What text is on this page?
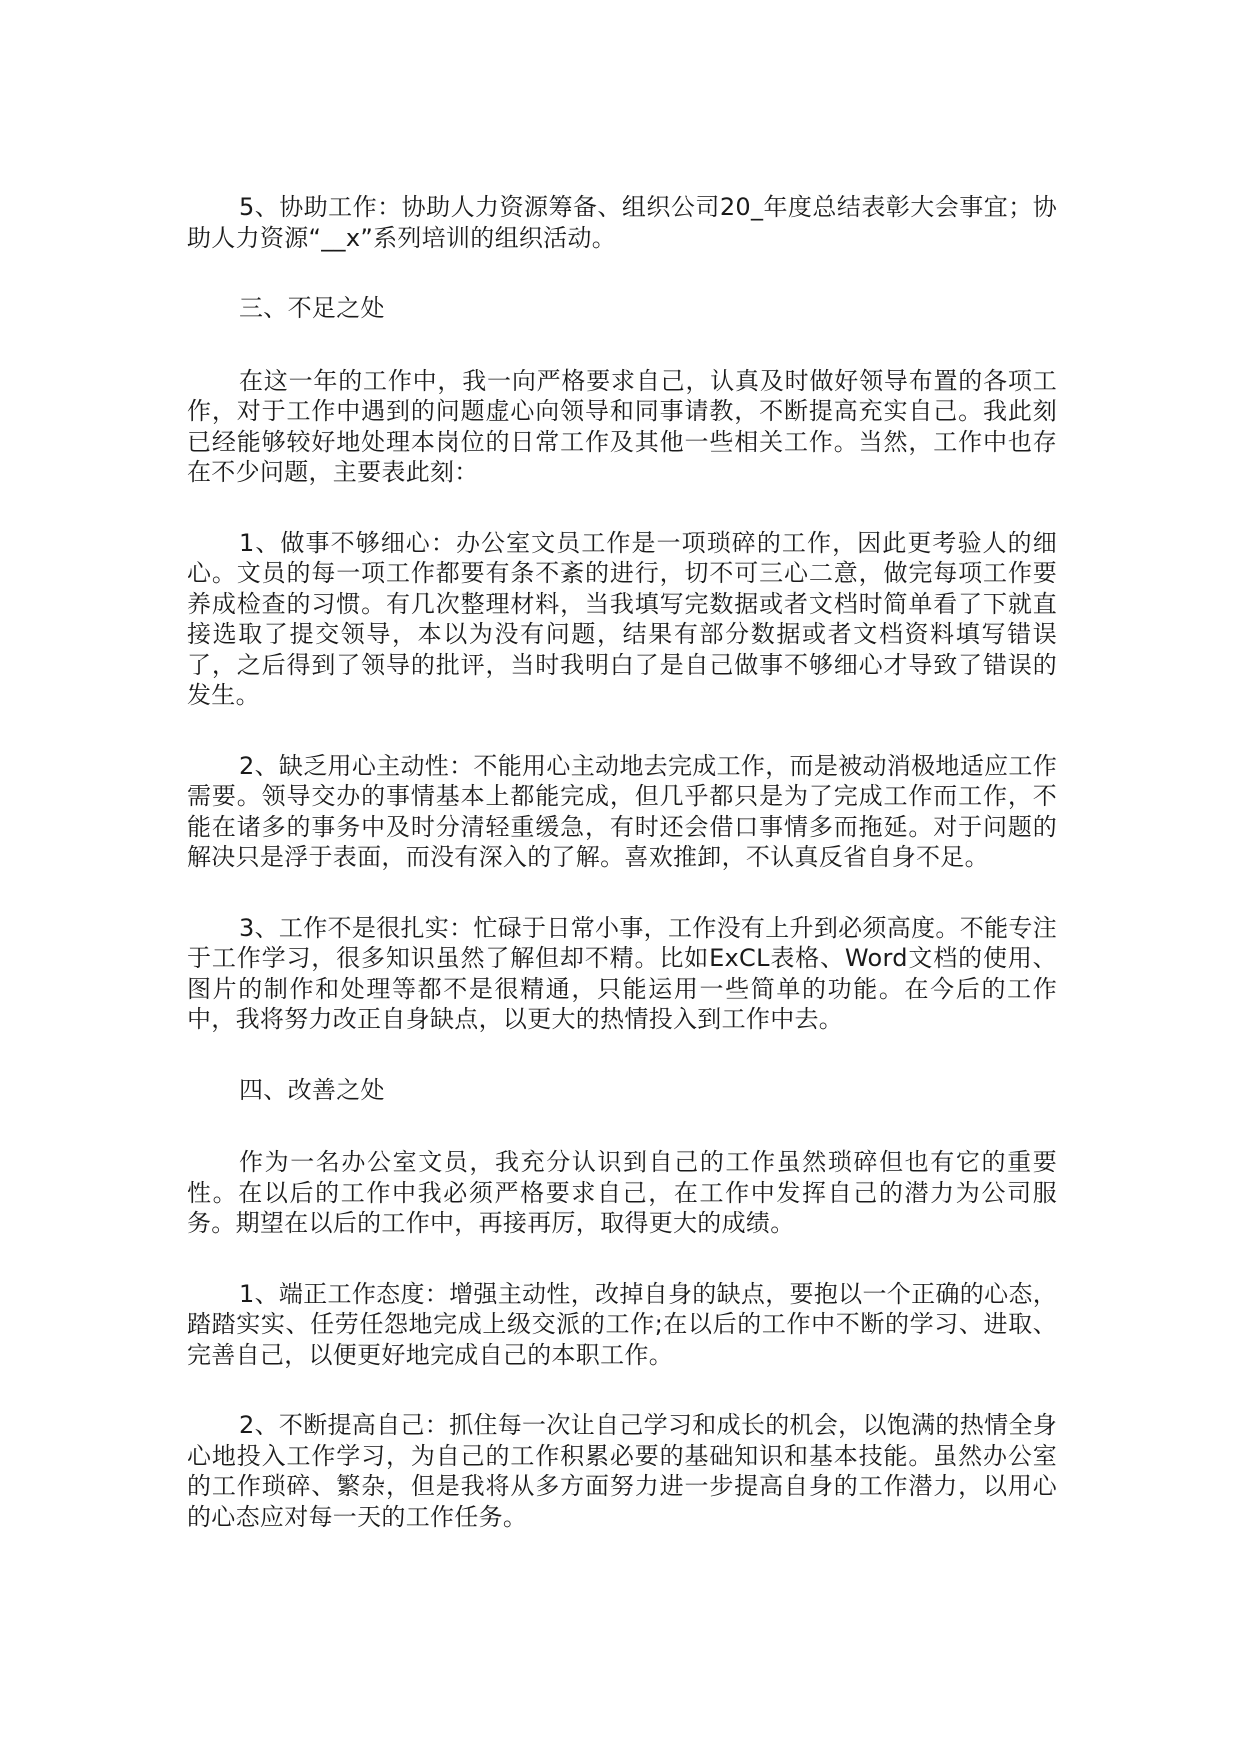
5、协助工作：协助人力资源筹备、组织公司20_年度总结表彰大会事宜；协助人力资源“__x”系列培训的组织活动。

三、不足之处

在这一年的工作中，我一向严格要求自己，认真及时做好领导布置的各项工作，对于工作中遇到的问题虚心向领导和同事请教，不断提高充实自己。我此刻已经能够较好地处理本岗位的日常工作及其他一些相关工作。当然，工作中也存在不少问题，主要表此刻：

1、做事不够细心：办公室文员工作是一项琐碎的工作，因此更考验人的细心。文员的每一项工作都要有条不紊的进行，切不可三心二意，做完每项工作要养成检查的习惯。有几次整理材料，当我填写完数据或者文档时简单看了下就直接选取了提交领导，本以为没有问题，结果有部分数据或者文档资料填写错误了，之后得到了领导的批评，当时我明白了是自己做事不够细心才导致了错误的发生。

2、缺乏用心主动性：不能用心主动地去完成工作，而是被动消极地适应工作需要。领导交办的事情基本上都能完成，但几乎都只是为了完成工作而工作，不能在诸多的事务中及时分清轻重缓急，有时还会借口事情多而拖延。对于问题的解决只是浮于表面，而没有深入的了解。喜欢推卸，不认真反省自身不足。

3、工作不是很扎实：忙碌于日常小事，工作没有上升到必须高度。不能专注于工作学习，很多知识虽然了解但却不精。比如ExCL表格、Word文档的使用、图片的制作和处理等都不是很精通，只能运用一些简单的功能。在今后的工作中，我将努力改正自身缺点，以更大的热情投入到工作中去。

四、改善之处

作为一名办公室文员，我充分认识到自己的工作虽然琐碎但也有它的重要性。在以后的工作中我必须严格要求自己，在工作中发挥自己的潜力为公司服务。期望在以后的工作中，再接再厉，取得更大的成绩。

1、端正工作态度：增强主动性，改掉自身的缺点，要抱以一个正确的心态，踏踏实实、任劳任怨地完成上级交派的工作;在以后的工作中不断的学习、进取、完善自己，以便更好地完成自己的本职工作。

2、不断提高自己：抓住每一次让自己学习和成长的机会，以饱满的热情全身心地投入工作学习，为自己的工作积累必要的基础知识和基本技能。虽然办公室的工作琐碎、繁杂，但是我将从多方面努力进一步提高自身的工作潜力，以用心的心态应对每一天的工作任务。
